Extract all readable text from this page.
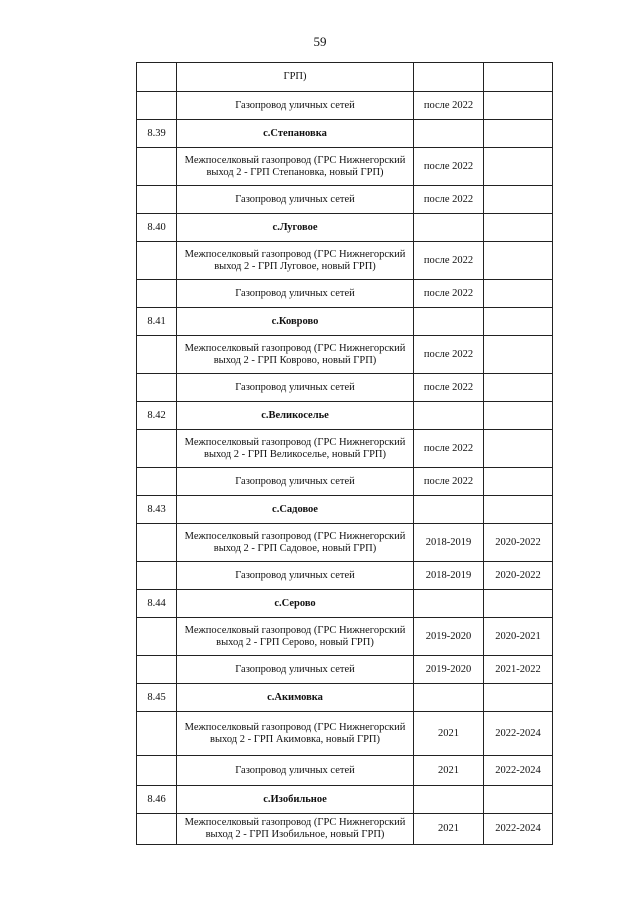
59
	ГРП)		
	Газопровод уличных сетей	после 2022	
8.39	с.Степановка		
	Межпоселковый газопровод (ГРС Нижнегорский выход 2 - ГРП Степановка, новый ГРП)	после 2022	
	Газопровод уличных сетей	после 2022	
8.40	с.Луговое		
	Межпоселковый газопровод (ГРС Нижнегорский выход 2 - ГРП Луговое, новый ГРП)	после 2022	
	Газопровод уличных сетей	после 2022	
8.41	с.Коврово		
	Межпоселковый газопровод (ГРС Нижнегорский выход 2 - ГРП Коврово, новый ГРП)	после 2022	
	Газопровод уличных сетей	после 2022	
8.42	с.Великоселье		
	Межпоселковый газопровод (ГРС Нижнегорский выход 2 - ГРП Великоселье, новый ГРП)	после 2022	
	Газопровод уличных сетей	после 2022	
8.43	с.Садовое		
	Межпоселковый газопровод (ГРС Нижнегорский выход 2 - ГРП Садовое, новый ГРП)	2018-2019	2020-2022
	Газопровод уличных сетей	2018-2019	2020-2022
8.44	с.Серово		
	Межпоселковый газопровод (ГРС Нижнегорский выход 2 - ГРП Серово, новый ГРП)	2019-2020	2020-2021
	Газопровод уличных сетей	2019-2020	2021-2022
8.45	с.Акимовка		
	Межпоселковый газопровод (ГРС Нижнегорский выход 2 - ГРП Акимовка, новый ГРП)	2021	2022-2024
	Газопровод уличных сетей	2021	2022-2024
8.46	с.Изобильное		
	Межпоселковый газопровод (ГРС Нижнегорский выход 2 - ГРП Изобильное, новый ГРП)	2021	2022-2024
